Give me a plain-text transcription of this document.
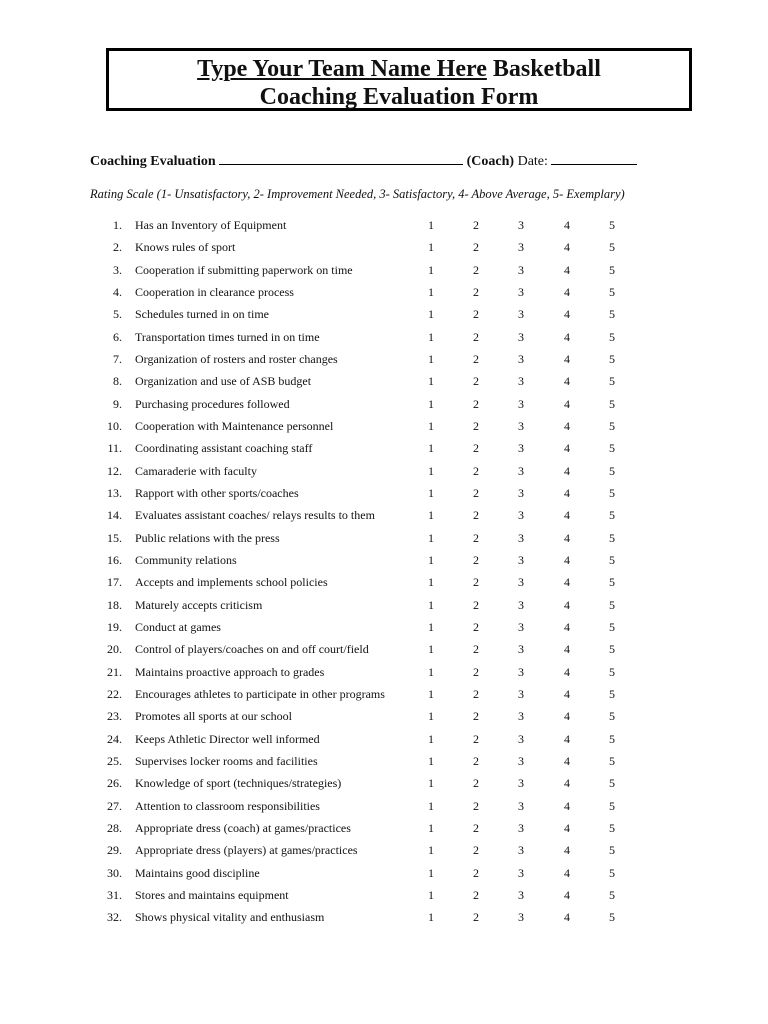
Type Your Team Name Here Basketball
Coaching Evaluation Form
Coaching Evaluation	(Coach) Date:
Rating Scale (1- Unsatisfactory, 2- Improvement Needed, 3- Satisfactory, 4- Above Average, 5- Exemplary)
1. Has an Inventory of Equipment	1	2	3	4	5
2. Knows rules of sport	1	2	3	4	5
3. Cooperation if submitting paperwork on time	1	2	3	4	5
4. Cooperation in clearance process	1	2	3	4	5
5. Schedules turned in on time	1	2	3	4	5
6. Transportation times turned in on time	1	2	3	4	5
7. Organization of rosters and roster changes	1	2	3	4	5
8. Organization and use of ASB budget	1	2	3	4	5
9. Purchasing procedures followed	1	2	3	4	5
10. Cooperation with Maintenance personnel	1	2	3	4	5
11. Coordinating assistant coaching staff	1	2	3	4	5
12. Camaraderie with faculty	1	2	3	4	5
13. Rapport with other sports/coaches	1	2	3	4	5
14. Evaluates assistant coaches/ relays results to them	1	2	3	4	5
15. Public relations with the press	1	2	3	4	5
16. Community relations	1	2	3	4	5
17. Accepts and implements school policies	1	2	3	4	5
18. Maturely accepts criticism	1	2	3	4	5
19. Conduct at games	1	2	3	4	5
20. Control of players/coaches on and off court/field	1	2	3	4	5
21. Maintains proactive approach to grades	1	2	3	4	5
22. Encourages athletes to participate in other programs	1	2	3	4	5
23. Promotes all sports at our school	1	2	3	4	5
24. Keeps Athletic Director well informed	1	2	3	4	5
25. Supervises locker rooms and facilities	1	2	3	4	5
26. Knowledge of sport (techniques/strategies)	1	2	3	4	5
27. Attention to classroom responsibilities	1	2	3	4	5
28. Appropriate dress (coach) at games/practices	1	2	3	4	5
29. Appropriate dress (players) at games/practices	1	2	3	4	5
30. Maintains good discipline	1	2	3	4	5
31. Stores and maintains equipment	1	2	3	4	5
32. Shows physical vitality and enthusiasm	1	2	3	4	5
